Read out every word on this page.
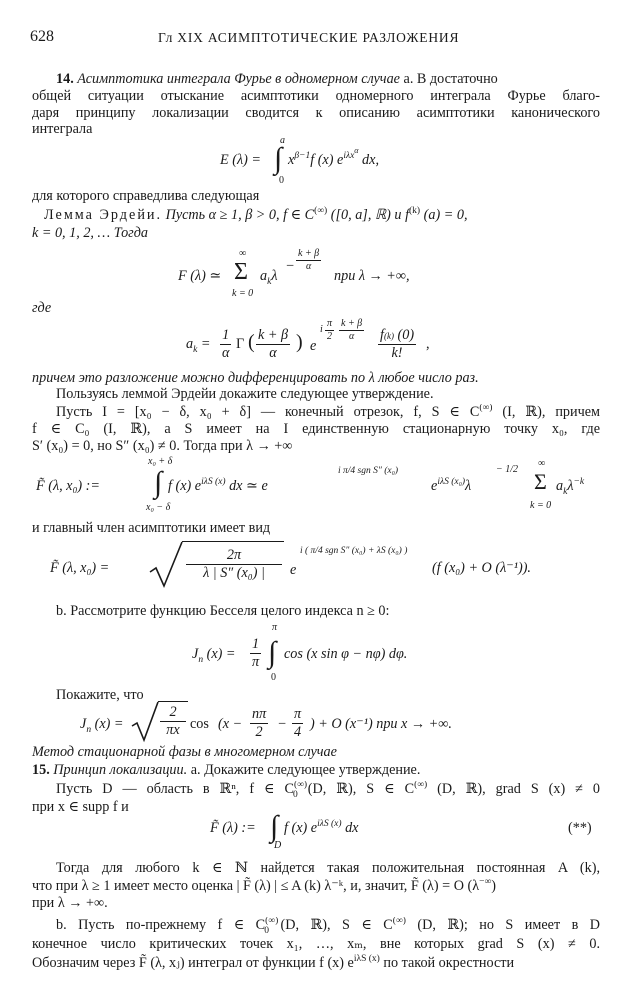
628	Гл XIX АСИМПТОТИЧЕСКИЕ РАЗЛОЖЕНИЯ
14. Асимптотика интеграла Фурье в одномерном случае а. В достаточно
общей ситуации отыскание асимптотики одномерного интеграла Фурье благо-
даря принципу локализации сводится к описанию асимптотики канонического
интеграла
E (λ) = ∫
a
0
$x^{\beta-1}f$ (x) $e^{i\lambda x\alpha}$ dx,
для которого справедлива следующая
Лемма Эрдейи. Пусть α ≥ 1, β > 0, f ∈ C(∞) ([0, a], ℝ) и $f^{(k)}$ (a) = 0,
k = 0, 1, 2, … Тогда
F (λ) ≃
∞
Σ
k = 0
$a_k\lambda$
− $\frac{k + \beta}{\alpha}$
при λ → +∞,
где
$a_k = \frac{1}{\alpha}$ Γ ( $\frac{k + \beta}{\alpha}$ ) e
i $\frac{\pi}{2} \frac{k + \beta}{\alpha} \frac{f(k) (0)}{k!}$ ,
причем это разложение можно дифференцировать по λ любое число раз.
Пользуясь леммой Эрдейи докажите следующее утверждение.
Пусть I = [x₀ − δ, x₀ + δ] — конечный отрезок, f, S ∈ C(∞) (I, ℝ), причем
f ∈ C₀ (I, ℝ), а S имеет на I единственную стационарную точку x₀, где
S′ (x₀) = 0, но S″ (x₀) ≠ 0. Тогда при λ → +∞
F̃ (λ, x₀) :=
x₀ + δ
∫
x₀ − δ
f (x) $e^{i\lambda S (x)}$ dx ≃ e
i π/4 sgn S″ (x₀)
$e^{i\lambda S (x_0)}\lambda$
− 1/2
∞
Σ
k = 0
$a_k\lambda^{-k}$
и главный член асимптотики имеет вид
F̃ (λ, x₀) =	$\frac{2\pi}{\text{λ | S″ (x₀) |}}$ e
i ( π/4 sgn S″ (x₀) + λS (x₀) )
(f (x₀) + O (λ⁻¹)).
b. Рассмотрите функцию Бесселя целого индекса n ≥ 0:
$J_n$ $(x) = \frac{1}{\pi}$
π
∫
0
cos (x sin φ − nφ) dφ.
Покажите, что
$J_n$ (x) =	$\frac{2}{\pi x}$ $\cos (x - \frac{n\pi}{2} - \frac{\pi}{4}$ ) + O (x⁻¹) при x → +∞.
Метод стационарной фазы в многомерном случае
15. Принцип локализации. а. Докажите следующее утверждение.
Пусть D — область в ℝⁿ, f ∈ $C^{(\infty)}_0$ (D, ℝ), S ∈ C(∞) (D, ℝ), grad S (x) ≠ 0
при x ∈ supp f и
F̃ (λ) := ∫
D
f (x) $e^{i\lambda S (x)}$ dx	(**)
Тогда для любого k ∈ ℕ найдется такая положительная постоянная A (k),
что при λ ≥ 1 имеет место оценка | F̃ (λ) | ≤ A (k) λ⁻ᵏ, и, значит, F̃ (λ) = O (λ−∞)
при λ → +∞.
b. Пусть по-прежнему f ∈ $C^{(\infty)}_0$ (D, ℝ), S ∈ C(∞) (D, ℝ); но S имеет в D
конечное число критических точек x₁, …, xₘ, вне которых grad S (x) ≠ 0.
Обозначим через F̃ (λ, xⱼ) интеграл от функции f (x) $e^{i\lambda S (x)}$ по такой окрестности
